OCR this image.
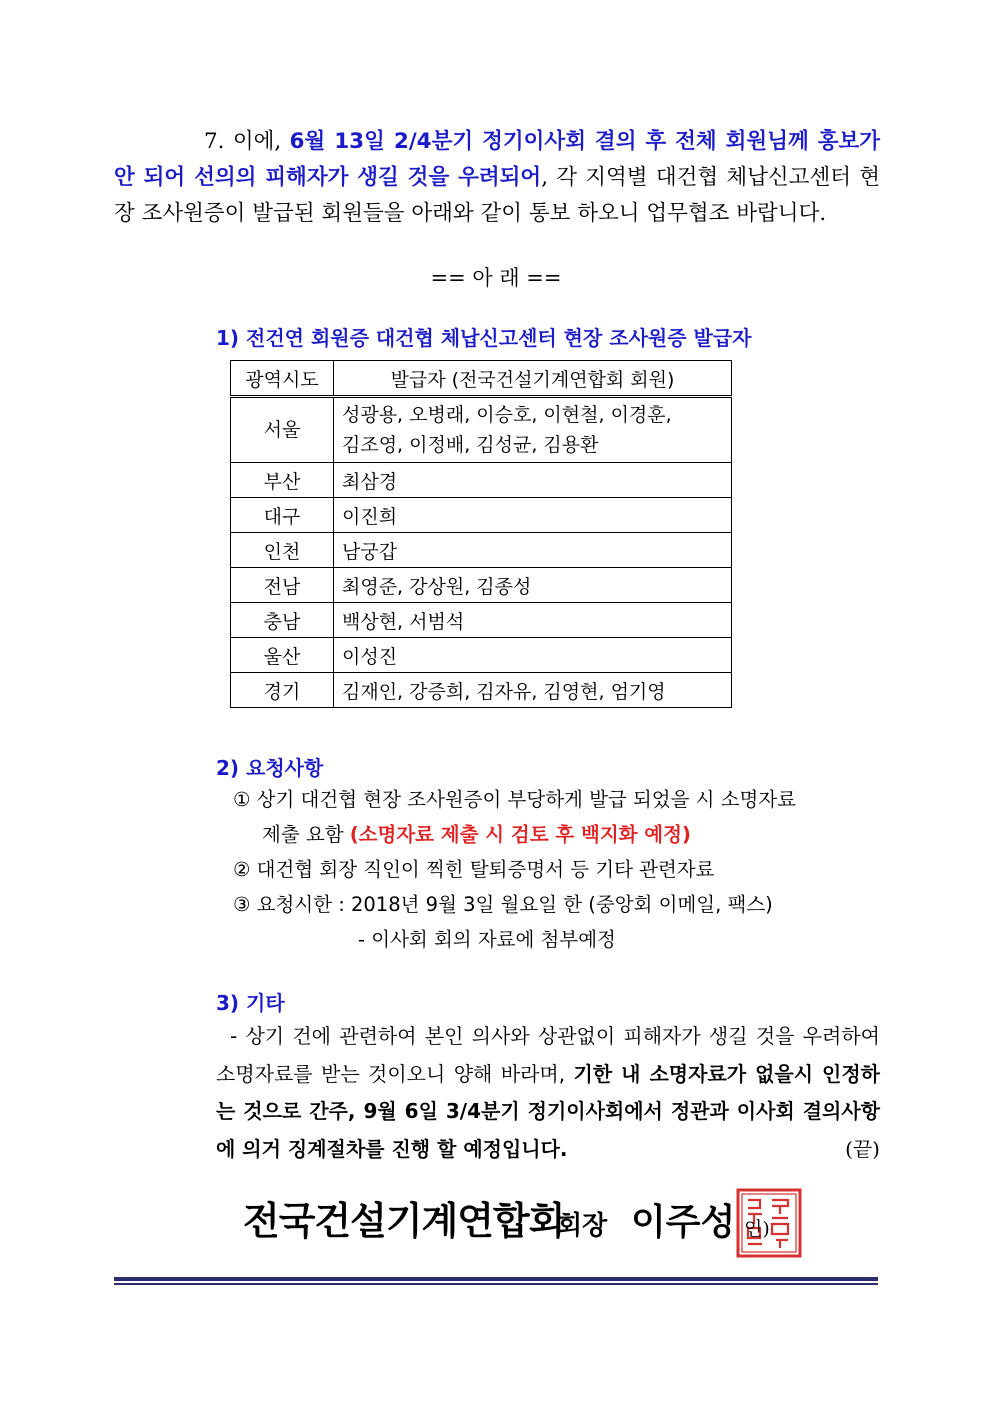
7. 이에, 6월 13일 2/4분기 정기이사회 결의 후 전체 회원님께 홍보가 안 되어 선의의 피해자가 생길 것을 우려되어, 각 지역별 대건협 체납신고센터 현장 조사원증이 발급된 회원들을 아래와 같이 통보 하오니 업무협조 바랍니다.

== 아 래 ==
1) 전건연 회원증 대건협 체납신고센터 현장 조사원증 발급자
광역시도	발급자 (전국건설기계연합회 회원)
서울	성광용, 오병래, 이승호, 이현철, 이경훈,
김조영, 이정배, 김성균, 김용환

부산	최삼경
대구	이진희
인천	남궁갑
전남	최영준, 강상원, 김종성
충남	백상현, 서범석
울산	이성진
경기	김재인, 강증희, 김자유, 김영현, 엄기영
2) 요청사항
① 상기 대건협 현장 조사원증이 부당하게 발급 되었을 시 소명자료
제출 요함 (소명자료 제출 시 검토 후 백지화 예정)
② 대건협 회장 직인이 찍힌 탈퇴증명서 등 기타 관련자료
③ 요청시한 : 2018년 9월 3일 월요일 한 (중앙회 이메일, 팩스)
- 이사회 회의 자료에 첨부예정
3) 기타

- 상기 건에 관련하여 본인 의사와 상관없이 피해자가 생길 것을 우려하여 소명자료를 받는 것이오니 양해 바라며, 기한 내 소명자료가 없을시 인정하는 것으로 간주, 9월 6일 3/4분기 정기이사회에서 정관과 이사회 결의사항에 의거 징계절차를 진행 할 예정입니다.	(끝)

전국건설기계연합회
회장 이주성 인)
